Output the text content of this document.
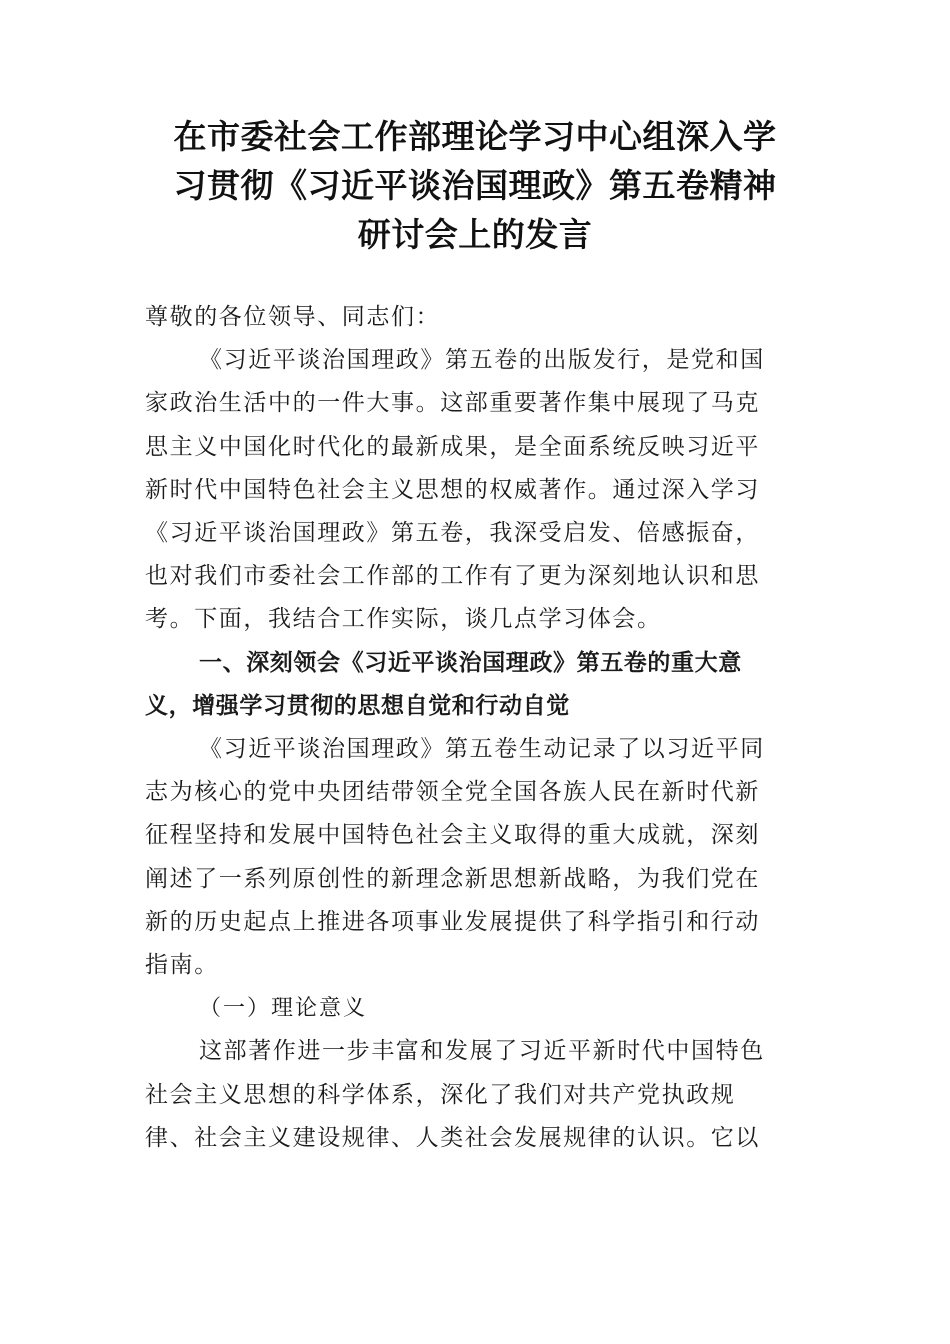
在市委社会工作部理论学习中心组深入学
习贯彻《习近平谈治国理政》第五卷精神
研讨会上的发言

尊敬的各位领导、同志们：

《习近平谈治国理政》第五卷的出版发行，是党和国
家政治生活中的一件大事。这部重要著作集中展现了马克
思主义中国化时代化的最新成果，是全面系统反映习近平
新时代中国特色社会主义思想的权威著作。通过深入学习
《习近平谈治国理政》第五卷，我深受启发、倍感振奋，
也对我们市委社会工作部的工作有了更为深刻地认识和思
考。下面，我结合工作实际，谈几点学习体会。

一、深刻领会《习近平谈治国理政》第五卷的重大意
义，增强学习贯彻的思想自觉和行动自觉

《习近平谈治国理政》第五卷生动记录了以习近平同
志为核心的党中央团结带领全党全国各族人民在新时代新
征程坚持和发展中国特色社会主义取得的重大成就，深刻
阐述了一系列原创性的新理念新思想新战略，为我们党在
新的历史起点上推进各项事业发展提供了科学指引和行动
指南。

（一）理论意义

这部著作进一步丰富和发展了习近平新时代中国特色
社会主义思想的科学体系，深化了我们对共产党执政规
律、社会主义建设规律、人类社会发展规律的认识。它以
